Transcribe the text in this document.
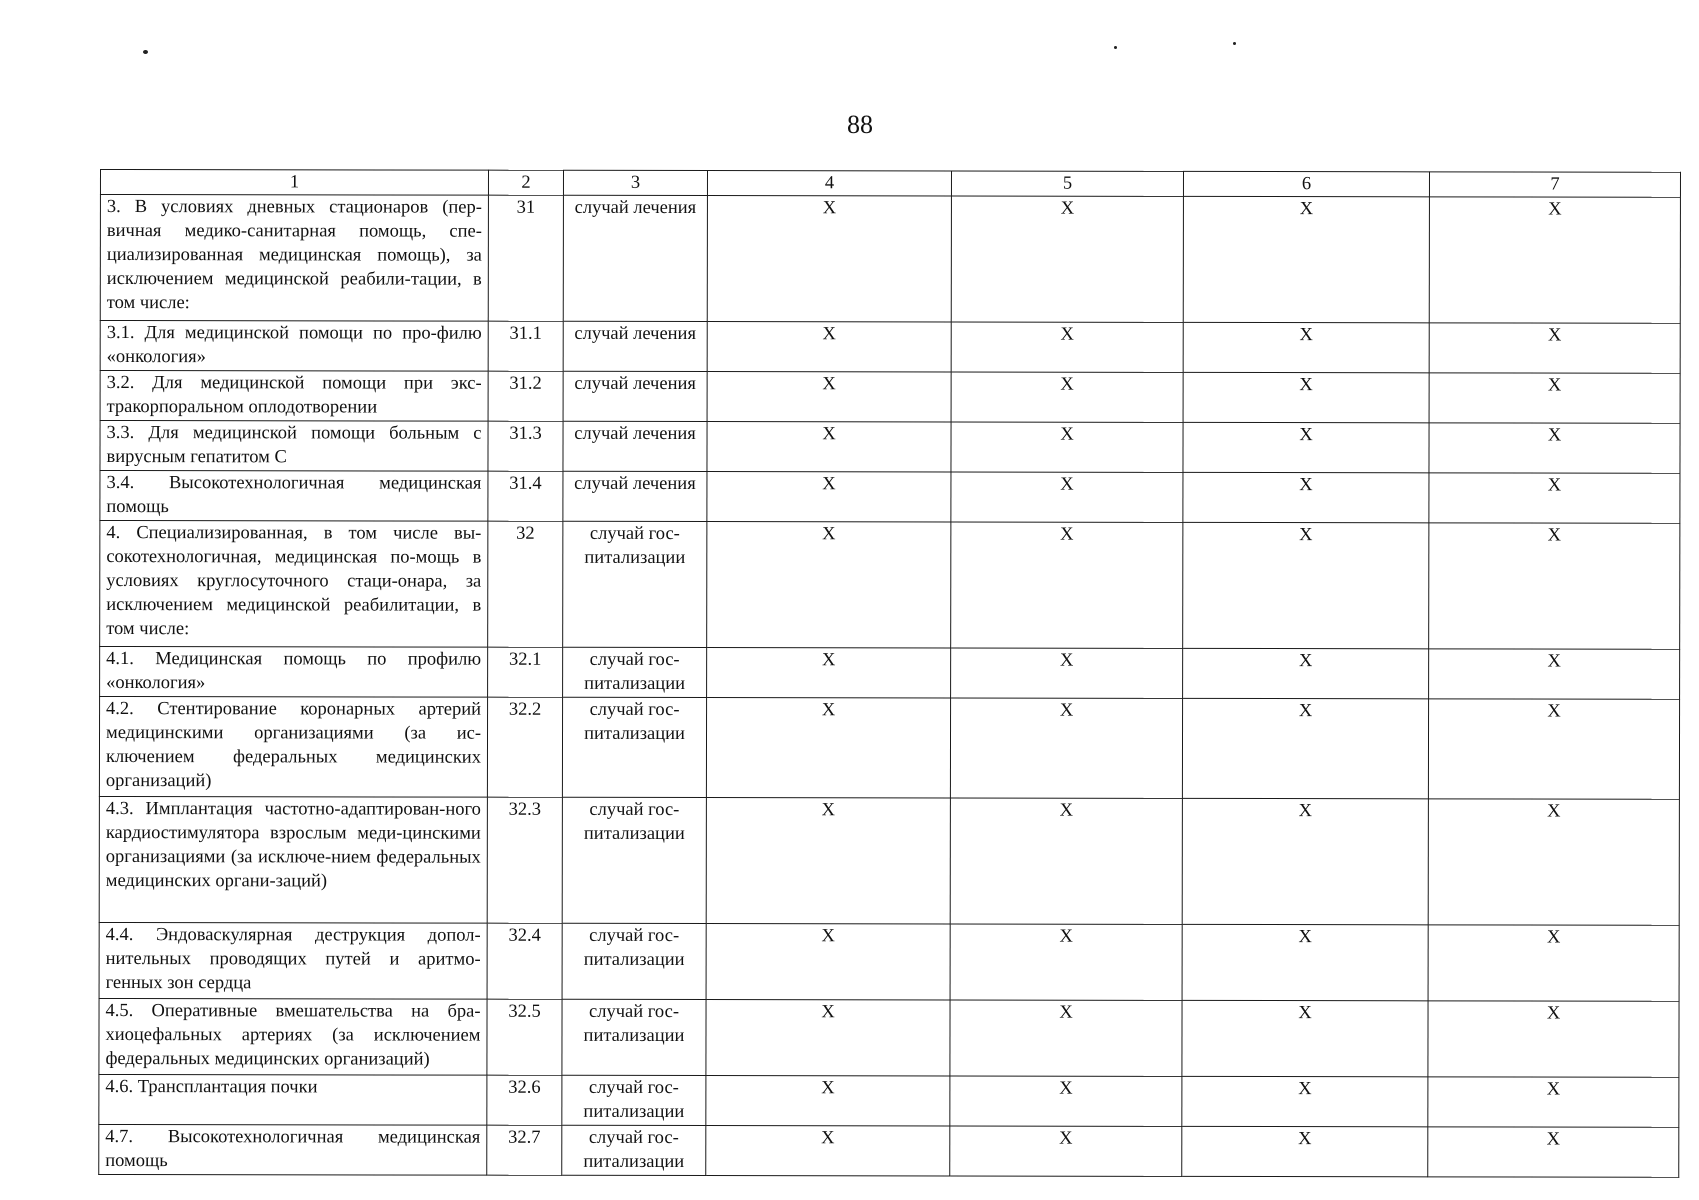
88
1	2	3	4	5	6	7
3. В условиях дневных стационаров (пер-вичная медико-санитарная помощь, спе-циализированная медицинская помощь), за исключением медицинской реабили-тации, в том числе:	31	случай лечения	X	X	X	X
3.1. Для медицинской помощи по про-филю «онкология»	31.1	случай лечения	X	X	X	X
3.2. Для медицинской помощи при экс-тракорпоральном оплодотворении	31.2	случай лечения	X	X	X	X
3.3. Для медицинской помощи больным с вирусным гепатитом С	31.3	случай лечения	X	X	X	X
3.4. Высокотехнологичная медицинская помощь	31.4	случай лечения	X	X	X	X
4. Специализированная, в том числе вы-сокотехнологичная, медицинская по-мощь в условиях круглосуточного стаци-онара, за исключением медицинской реабилитации, в том числе:	32	случай гос-питализации	X	X	X	X
4.1. Медицинская помощь по профилю «онкология»	32.1	случай гос-питализации	X	X	X	X
4.2. Стентирование коронарных артерий медицинскими организациями (за ис-ключением федеральных медицинских организаций)	32.2	случай гос-питализации	X	X	X	X
4.3. Имплантация частотно-адаптирован-ного кардиостимулятора взрослым меди-цинскими организациями (за исключе-нием федеральных медицинских органи-заций)	32.3	случай гос-питализации	X	X	X	X
4.4. Эндоваскулярная деструкция допол-нительных проводящих путей и аритмо-генных зон сердца	32.4	случай гос-питализации	X	X	X	X
4.5. Оперативные вмешательства на бра-хиоцефальных артериях (за исключением федеральных медицинских организаций)	32.5	случай гос-питализации	X	X	X	X
4.6. Трансплантация почки	32.6	случай гос-питализации	X	X	X	X
4.7. Высокотехнологичная медицинская помощь	32.7	случай гос-питализации	X	X	X	X
